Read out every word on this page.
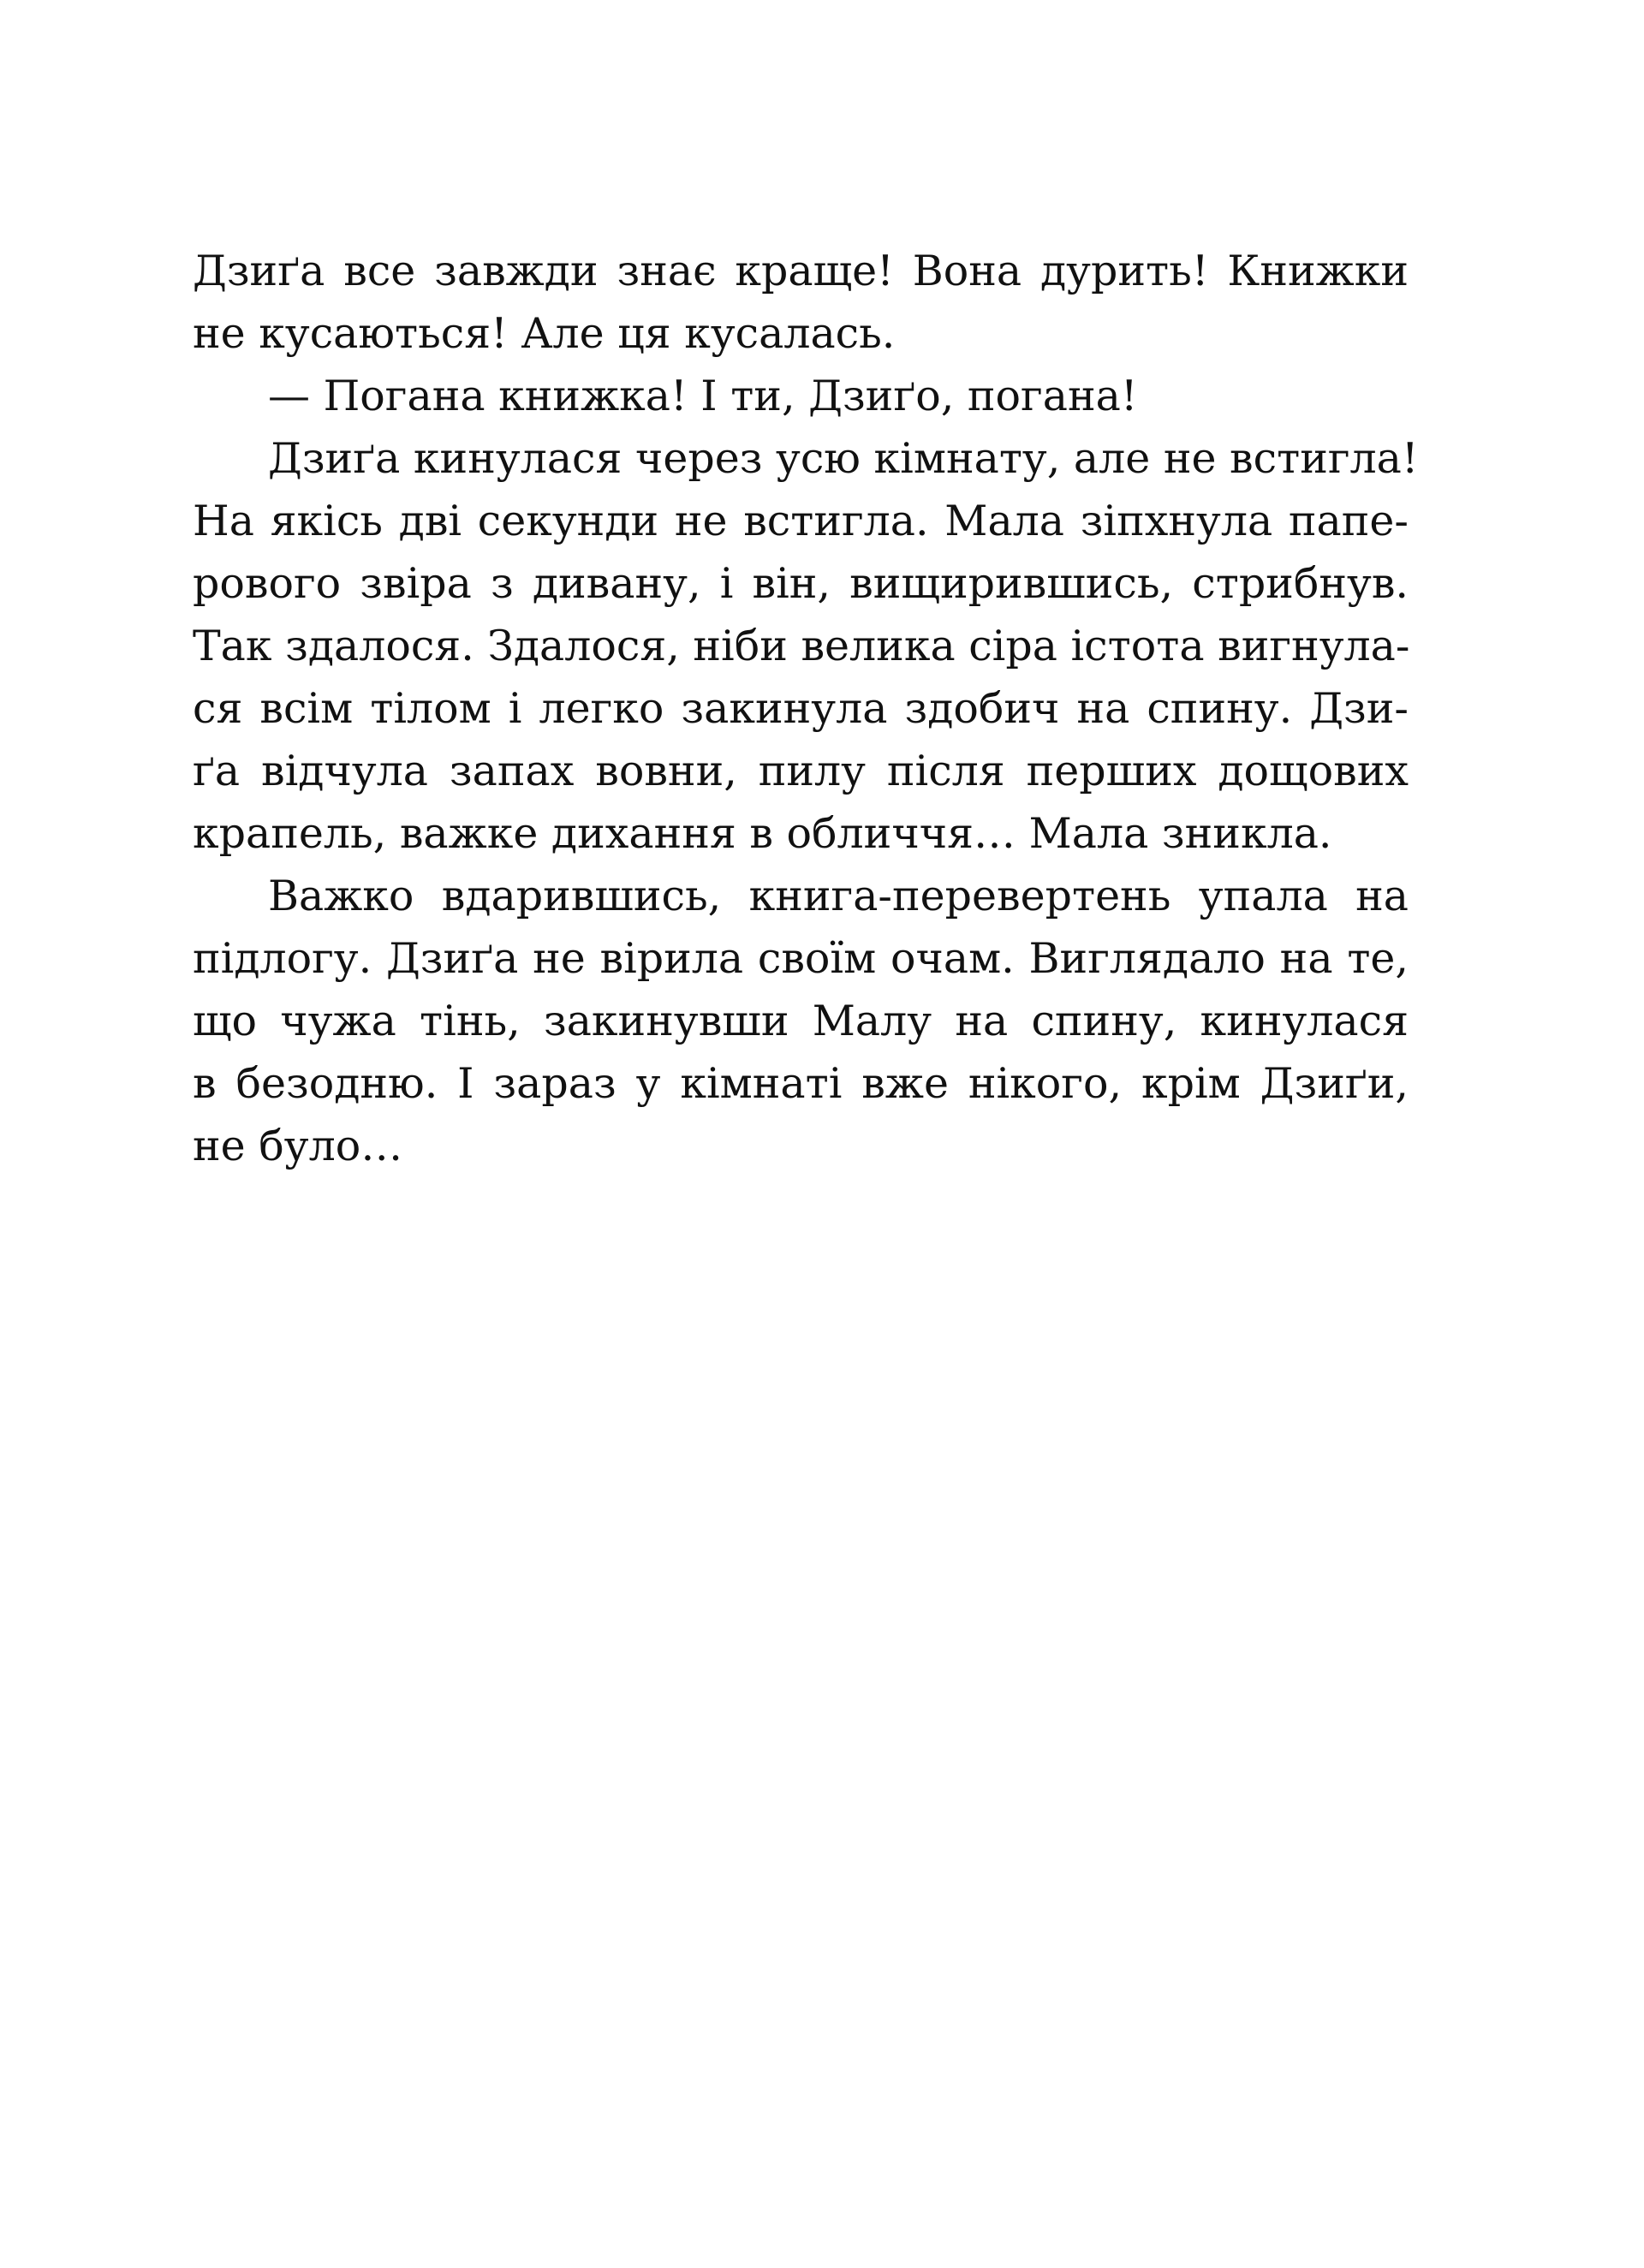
Дзиґа все завжди знає краще! Вона дурить! Книжки
не кусаються! Але ця кусалась.
— Погана книжка! І ти, Дзиґо, погана!
Дзиґа кинулася через усю кімнату, але не встигла!
На якісь дві секунди не встигла. Мала зіпхнула папе-
рового звіра з дивану, і він, вищирившись, стрибнув.
Так здалося. Здалося, ніби велика сіра істота вигнула-
ся всім тілом і легко закинула здобич на спину. Дзи-
ґа відчула запах вовни, пилу після перших дощових
крапель, важке дихання в обличчя… Мала зникла.
Важко вдарившись, книга-перевертень упала на
підлогу. Дзиґа не вірила своїм очам. Виглядало на те,
що чужа тінь, закинувши Малу на спину, кинулася
в безодню. І зараз у кімнаті вже нікого, крім Дзиґи,
не було…
